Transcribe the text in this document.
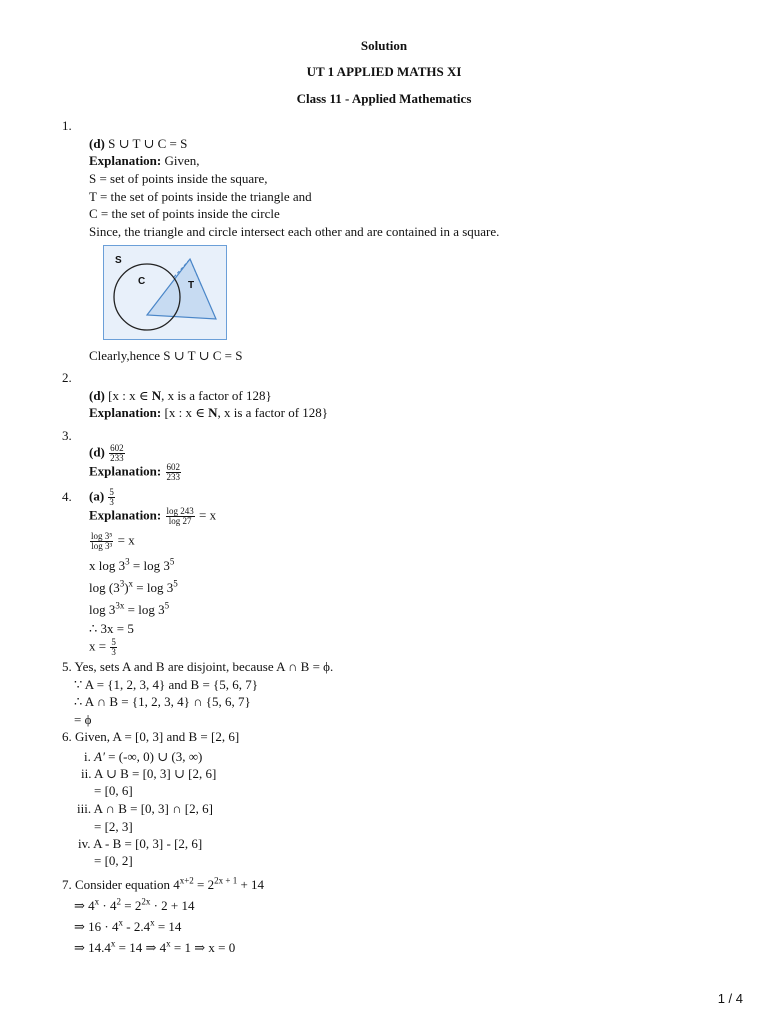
Solution
UT 1 APPLIED MATHS XI
Class 11 - Applied Mathematics
1.
(d) S ∪ T ∪ C = S
Explanation: Given,
S = set of points inside the square,
T = the set of points inside the triangle and
C = the set of points inside the circle
Since, the triangle and circle intersect each other and are contained in a square.
S
C	T
Clearly,hence S ∪ T ∪ C = S
2.
(d) [x : x ∈ N, x is a factor of 128}
Explanation: [x : x ∈ N, x is a factor of 128}
3.
$(d) \frac{602}{233}$
Explanation: $\frac{602}{233}$
4. $(a) \frac{5}{3}$
Explanation: $\frac{\log 243}{\log 27} = x$
$\frac{\text{log 3⁵}}{\text{log 3³}} = x$
x $\log 3^3 = \log 3^5$
$\log (3^3)^x = \log 3^5$
$\log 3^{3x} = \log 3^5$
∴ 3x = 5
$x = \frac{5}{3}$
5. Yes, sets A and B are disjoint, because A ∩ B = ϕ.
∵ A = {1, 2, 3, 4} and B = {5, 6, 7}
∴ A ∩ B = {1, 2, 3, 4} ∩ {5, 6, 7}
= ϕ
6. Given, A = [0, 3] and B = [2, 6]
i. A′ = (-∞, 0) ∪ (3, ∞)
ii. A ∪ B = [0, 3] ∪ [2, 6]
= [0, 6]
iii. A ∩ B = [0, 3] ∩ [2, 6]
= [2, 3]
iv. A - B = [0, 3] - [2, 6]
= [0, 2]
7. Consider equation $4^{x+2} = 2^{2x + 1} + 14$
⇒ $4^x \cdot 4^2 = 2^{2x} \cdot 2 + 14$
⇒ $16 \cdot 4^x - 2.4^x = 14$
⇒ $14.4^x = 14$ ⇒ $4^x = 1$ ⇒ x = 0
1 / 4
